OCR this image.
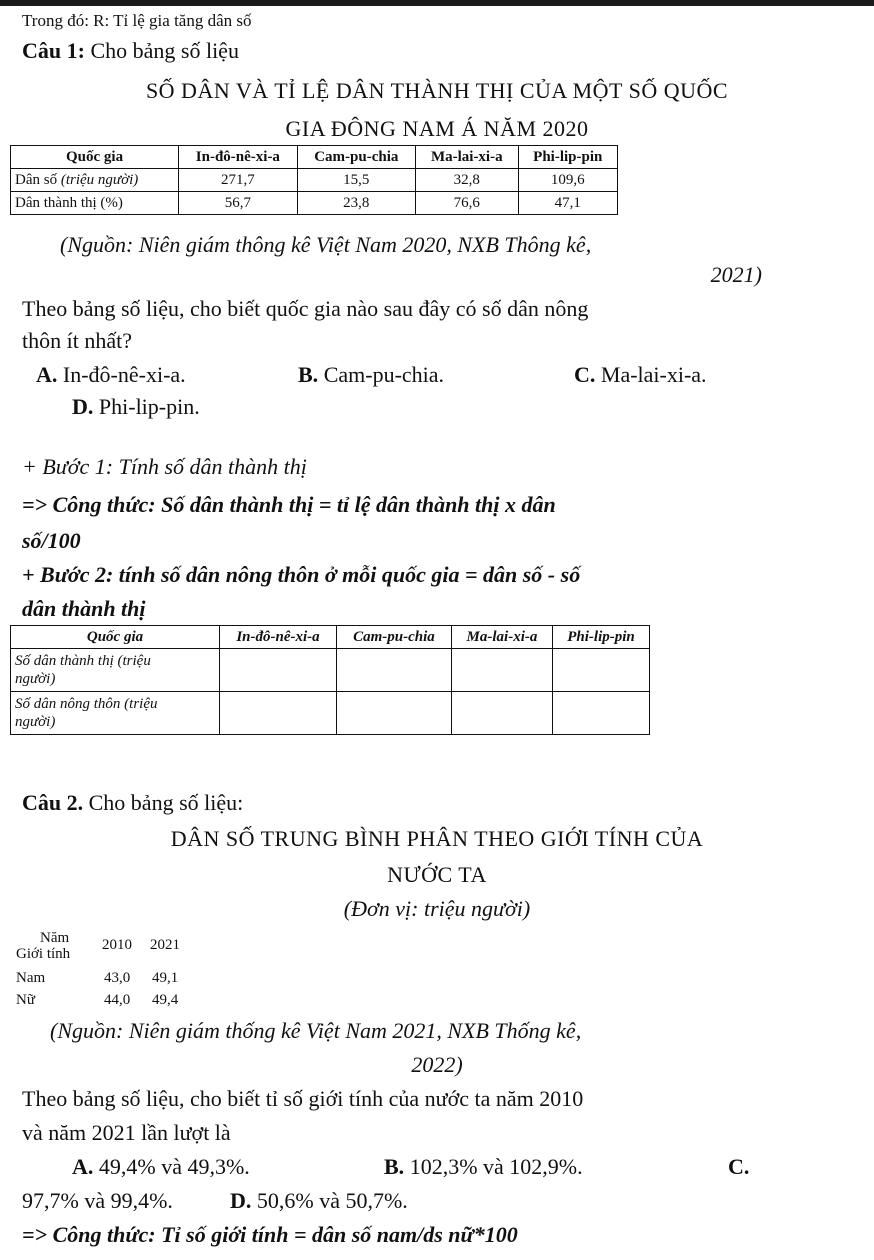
Trong đó: R: Tỉ lệ gia tăng dân số
Câu 1: Cho bảng số liệu
SỐ DÂN VÀ TỈ LỆ DÂN THÀNH THỊ CỦA MỘT SỐ QUỐC
GIA ĐÔNG NAM Á NĂM 2020
Quốc gia	In-đô-nê-xi-a	Cam-pu-chia	Ma-lai-xi-a	Phi-lip-pin
Dân số (triệu người)	271,7	15,5	32,8	109,6
Dân thành thị (%)	56,7	23,8	76,6	47,1
(Nguồn: Niên giám thông kê Việt Nam 2020, NXB Thông kê,
2021)
Theo bảng số liệu, cho biết quốc gia nào sau đây có số dân nông
thôn ít nhất?
A. In-đô-nê-xi-a.	B. Cam-pu-chia.	C. Ma-lai-xi-a.
D. Phi-lip-pin.
+ Bước 1: Tính số dân thành thị
=> Công thức: Số dân thành thị = tỉ lệ dân thành thị x dân
số/100
+ Bước 2: tính số dân nông thôn ở mỗi quốc gia = dân số - số
dân thành thị
Quốc gia	In-đô-nê-xi-a	Cam-pu-chia	Ma-lai-xi-a	Phi-lip-pin

Số dân thành thị (triệu
người)				

Số dân nông thôn (triệu
người)				

Câu 2. Cho bảng số liệu:
DÂN SỐ TRUNG BÌNH PHÂN THEO GIỚI TÍNH CỦA
NƯỚC TA
(Đơn vị: triệu người)
Năm
Giới tính
2010 2021
Nam	43,0 49,1
Nữ	44,0 49,4
(Nguồn: Niên giám thống kê Việt Nam 2021, NXB Thống kê,
2022)
Theo bảng số liệu, cho biết tỉ số giới tính của nước ta năm 2010
và năm 2021 lần lượt là
A. 49,4% và 49,3%.	B. 102,3% và 102,9%.	C.
97,7% và 99,4%.	D. 50,6% và 50,7%.
=> Công thức: Tỉ số giới tính = dân số nam/ds nữ*100
